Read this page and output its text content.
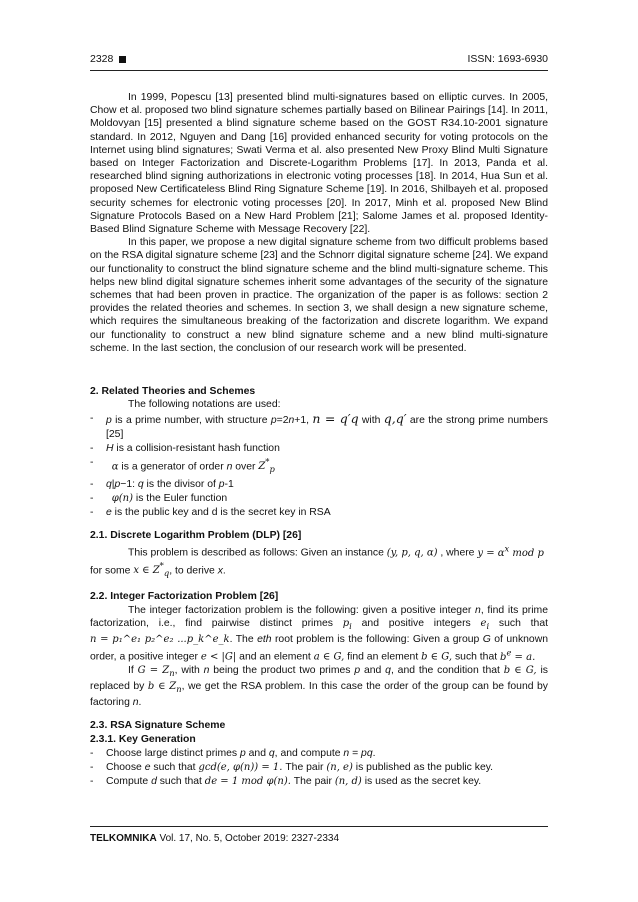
2328	ISSN: 1693-6930

In 1999, Popescu [13] presented blind multi-signatures based on elliptic curves. In 2005, Chow et al. proposed two blind signature schemes partially based on Bilinear Pairings [14]. In 2011, Moldovyan [15] presented a blind signature scheme based on the GOST R34.10-2001 signature standard. In 2012, Nguyen and Dang [16] provided enhanced security for voting protocols on the Internet using blind signatures; Swati Verma et al. also presented New Proxy Blind Multi Signature based on Integer Factorization and Discrete-Logarithm Problems [17]. In 2013, Panda et al. researched blind signing authorizations in electronic voting processes [18]. In 2014, Hua Sun et al. proposed New Certificateless Blind Ring Signature Scheme [19]. In 2016, Shilbayeh et al. proposed security schemes for electronic voting processes [20]. In 2017, Minh et al. proposed New Blind Signature Protocols Based on a New Hard Problem [21]; Salome James et al. proposed Identity-Based Blind Signature Scheme with Message Recovery [22].

In this paper, we propose a new digital signature scheme from two difficult problems based on the RSA digital signature scheme [23] and the Schnorr digital signature scheme [24]. We expand our functionality to construct the blind signature scheme and the blind multi-signature scheme. This helps new blind digital signature schemes inherit some advantages of the security of the signature schemes that had been proven in practice. The organization of the paper is as follows: section 2 provides the related theories and schemes. In section 3, we shall design a new signature scheme, which requires the simultaneous breaking of the factorization and discrete logarithm. We expand our functionality to construct a new blind signature scheme and a new blind multi-signature scheme. In the last section, the conclusion of our research work will be presented.

2. Related Theories and Schemes

The following notations are used:

- p is a prime number, with structure p=2n+1, n = q′q with q,q′ are the strong prime numbers [25]
- H is a collision-resistant hash function
- α is a generator of order n over $Z^*_p$
- q|p−1: q is the divisor of p-1
- φ(n) is the Euler function
- e is the public key and d is the secret key in RSA

2.1. Discrete Logarithm Problem (DLP) [26]

This problem is described as follows: Given an instance (y, p, q, α) , where $y = \alpha^x$ mod p

for some x ∈ $Z^*_q$, to derive x.

2.2. Integer Factorization Problem [26]

The integer factorization problem is the following: given a positive integer n, find its prime factorization, i.e., find pairwise distinct primes $p_i$ and positive integers $e_i$ such that n = p₁^e₁ p₂^e₂ ...p_k^e_k. The eth root problem is the following: Given a group G of unknown order, a positive integer e < |G| and an element a ∈ G, find an element b ∈ G, such that $b^e = a$.

If $G = Z_n$, with n being the product two primes p and q, and the condition that b ∈ G, is replaced by b ∈ $Z_n$, we get the RSA problem. In this case the order of the group can be found by factoring n.

2.3. RSA Signature Scheme

2.3.1. Key Generation

- Choose large distinct primes p and q, and compute n = pq.
- Choose e such that gcd(e, φ(n)) = 1. The pair (n, e) is published as the public key.
- Compute d such that de = 1 mod φ(n). The pair (n, d) is used as the secret key.
TELKOMNIKA Vol. 17, No. 5, October 2019: 2327-2334
